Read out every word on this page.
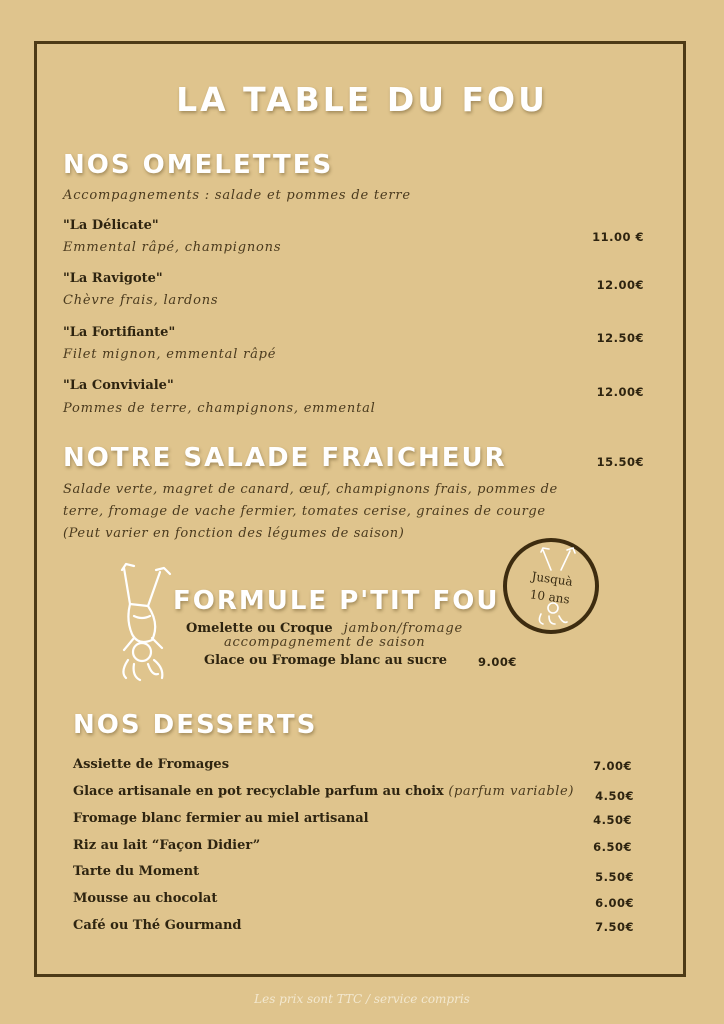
LA TABLE DU FOU
NOS OMELETTES
Accompagnements : salade et pommes de terre
"La Délicate"
Emmental râpé, champignons
11.00 €
"La Ravigote"
Chèvre frais, lardons
12.00€
"La Fortifiante"
Filet mignon, emmental râpé
12.50€
"La Conviviale"
Pommes de terre, champignons, emmental
12.00€
NOTRE SALADE FRAICHEUR	15.50€
Salade verte, magret de canard, œuf, champignons frais, pommes de
terre, fromage de vache fermier, tomates cerise, graines de courge
(Peut varier en fonction des légumes de saison)
FORMULE P'TIT FOU
Omelette ou Croque jambon/fromage
accompagnement de saison
Glace ou Fromage blanc au sucre	9.00€
Jusquà
10 ans
NOS DESSERTS
Assiette de Fromages	7.00€
Glace artisanale en pot recyclable parfum au choix (parfum variable) 4.50€
Fromage blanc fermier au miel artisanal	4.50€
Riz au lait “Façon Didier”	6.50€
Tarte du Moment	5.50€
Mousse au chocolat	6.00€
Café ou Thé Gourmand	7.50€
Les prix sont TTC / service compris
